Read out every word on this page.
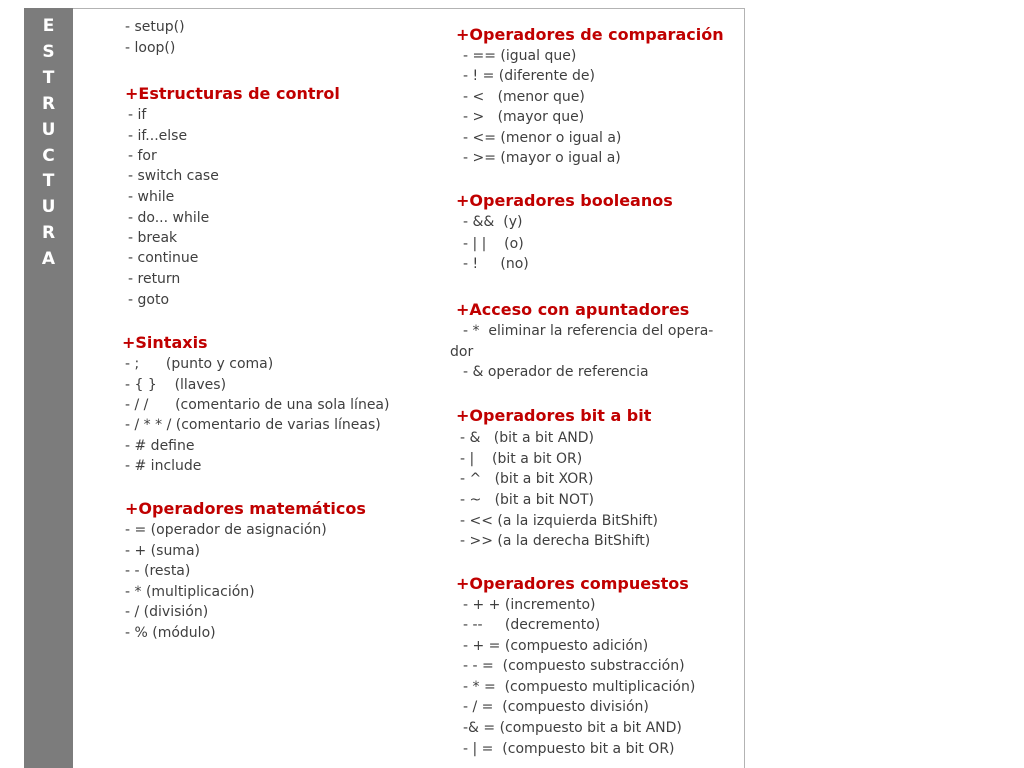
E
S
T
R
U
C
T
U
R
A

- setup()

- loop()

+Estructuras de control

- if

- if...else

- for

- switch case

- while

- do... while

- break

- continue

- return

- goto

+Sintaxis

- ;      (punto y coma)

- { }    (llaves)

- / /      (comentario de una sola línea)

- / * * / (comentario de varias líneas)

- # define

- # include

+Operadores matemáticos

- = (operador de asignación)

- + (suma)

- - (resta)

- * (multiplicación)

- / (división)

- % (módulo)

+Operadores de comparación

- == (igual que)

- ! = (diferente de)

- <   (menor que)

- >   (mayor que)

- <= (menor o igual a)

- >= (mayor o igual a)

+Operadores booleanos

- &&  (y)

- | |    (o)

- !     (no)

+Acceso con apuntadores

- *  eliminar la referencia del opera-

dor

- & operador de referencia

+Operadores bit a bit

- &   (bit a bit AND)

- |    (bit a bit OR)

- ^   (bit a bit XOR)

- ~   (bit a bit NOT)

- << (a la izquierda BitShift)

- >> (a la derecha BitShift)

+Operadores compuestos

- + + (incremento)

- --     (decremento)

- + = (compuesto adición)

- - =  (compuesto substracción)

- * =  (compuesto multiplicación)

- / =  (compuesto división)

-& = (compuesto bit a bit AND)

- | =  (compuesto bit a bit OR)
